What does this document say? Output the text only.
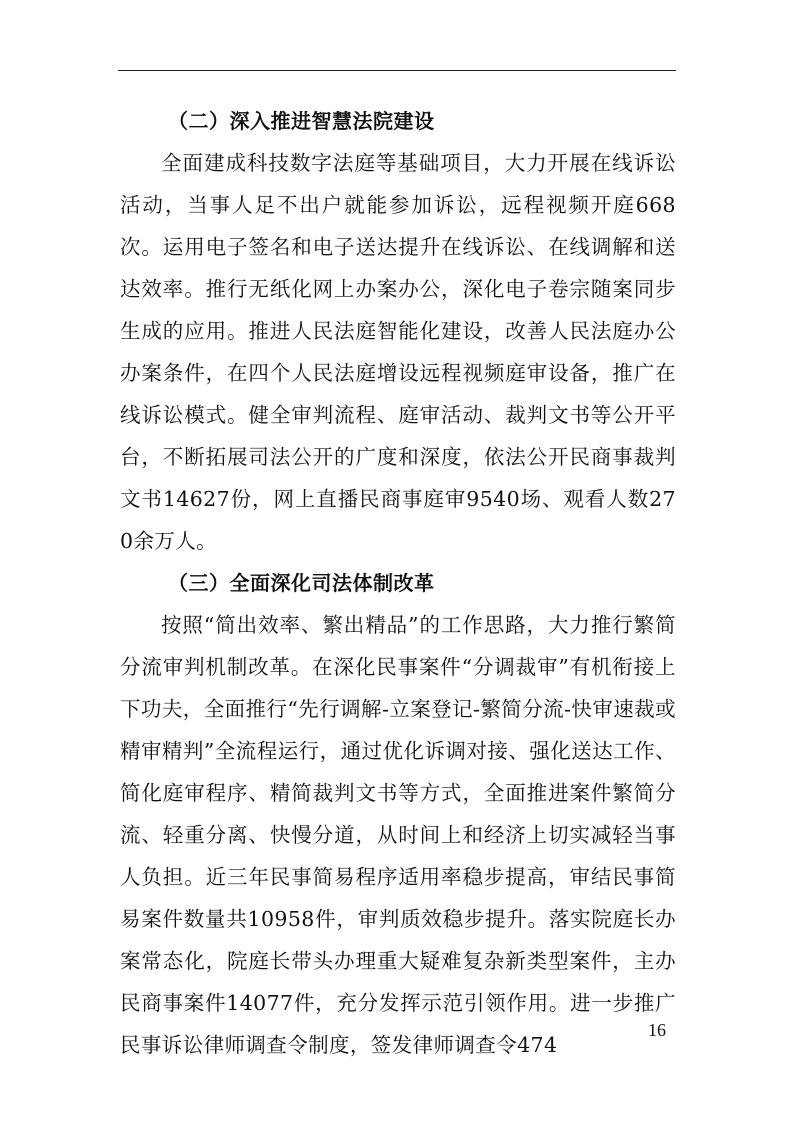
（二）深入推进智慧法院建设

全面建成科技数字法庭等基础项目，大力开展在线诉讼活动，当事人足不出户就能参加诉讼，远程视频开庭668次。运用电子签名和电子送达提升在线诉讼、在线调解和送达效率。推行无纸化网上办案办公，深化电子卷宗随案同步生成的应用。推进人民法庭智能化建设，改善人民法庭办公办案条件，在四个人民法庭增设远程视频庭审设备，推广在线诉讼模式。健全审判流程、庭审活动、裁判文书等公开平台，不断拓展司法公开的广度和深度，依法公开民商事裁判文书14627份，网上直播民商事庭审9540场、观看人数270余万人。

（三）全面深化司法体制改革

按照“简出效率、繁出精品”的工作思路，大力推行繁简分流审判机制改革。在深化民事案件“分调裁审”有机衔接上下功夫，全面推行“先行调解-立案登记-繁简分流-快审速裁或精审精判”全流程运行，通过优化诉调对接、强化送达工作、简化庭审程序、精简裁判文书等方式，全面推进案件繁简分流、轻重分离、快慢分道，从时间上和经济上切实减轻当事人负担。近三年民事简易程序适用率稳步提高，审结民事简易案件数量共10958件，审判质效稳步提升。落实院庭长办案常态化，院庭长带头办理重大疑难复杂新类型案件，主办民商事案件14077件，充分发挥示范引领作用。进一步推广民事诉讼律师调查令制度，签发律师调查令474

16
